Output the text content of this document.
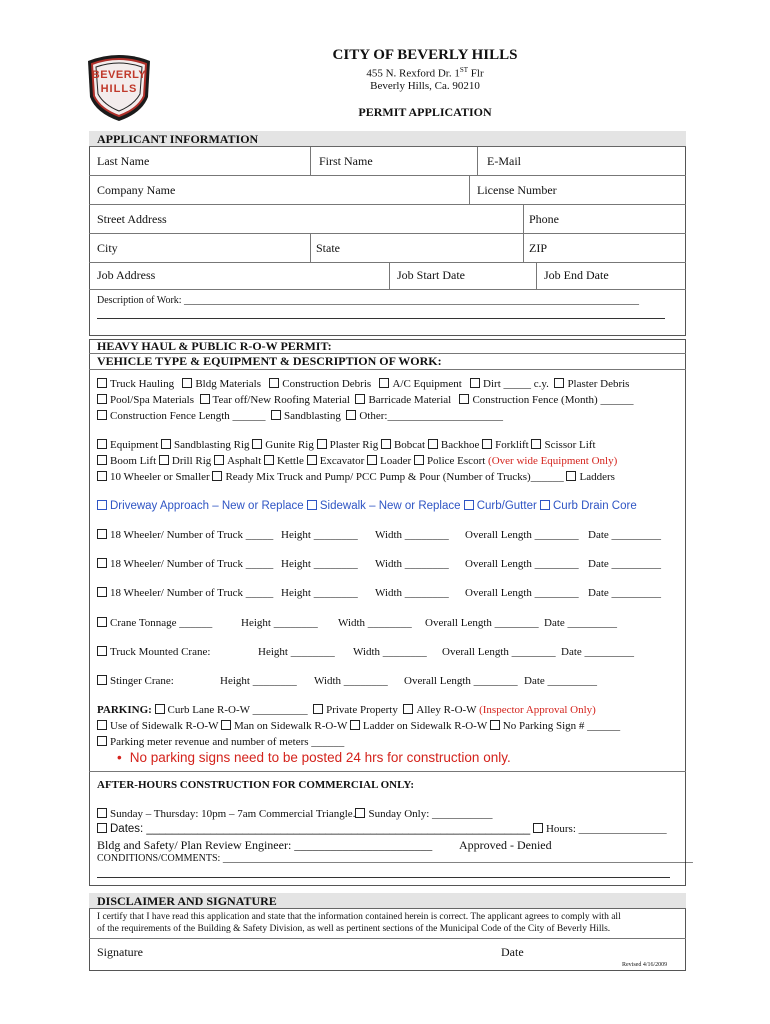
BEVERLY
HILLS
CITY OF BEVERLY HILLS
455 N. Rexford Dr. 1ST Flr
Beverly Hills, Ca. 90210
PERMIT APPLICATION
APPLICANT INFORMATION
Last Name	First Name	E-Mail
Company Name	License Number
Street Address	Phone
City	State	ZIP
Job Address	Job Start Date	Job End Date
Description of Work: ___________________________________________________________________________________________
HEAVY HAUL & PUBLIC R-O-W PERMIT:
VEHICLE TYPE & EQUIPMENT & DESCRIPTION OF WORK:
Truck Hauling Bldg Materials Construction Debris A/C Equipment Dirt _____ c.y. Plaster Debris
Pool/Spa Materials Tear off/New Roofing Material Barricade Material Construction Fence (Month) ______
Construction Fence Length ______ Sandblasting Other:_____________________
Equipment Sandblasting Rig Gunite Rig Plaster Rig Bobcat Backhoe Forklift Scissor Lift
Boom Lift Drill Rig Asphalt Kettle Excavator Loader Police Escort (Over wide Equipment Only)
10 Wheeler or Smaller Ready Mix Truck and Pump/ PCC Pump & Pour (Number of Trucks)______ Ladders
Driveway Approach – New or Replace Sidewalk – New or Replace Curb/Gutter Curb Drain Core
18 Wheeler/ Number of Truck _____ Height ________ Width ________ Overall Length ________ Date _________
18 Wheeler/ Number of Truck _____ Height ________ Width ________ Overall Length ________ Date _________
18 Wheeler/ Number of Truck _____ Height ________ Width ________ Overall Length ________ Date _________
Crane Tonnage ______	Height ________ Width ________ Overall Length ________ Date _________
Truck Mounted Crane:	Height ________ Width ________ Overall Length ________ Date _________
Stinger Crane:	Height ________ Width ________ Overall Length ________ Date _________
PARKING: Curb Lane R-O-W __________ Private Property Alley R-O-W (Inspector Approval Only)
Use of Sidewalk R-O-W Man on Sidewalk R-O-W Ladder on Sidewalk R-O-W No Parking Sign # ______
Parking meter revenue and number of meters ______
• No parking signs need to be posted 24 hrs for construction only.
AFTER-HOURS CONSTRUCTION FOR COMMERCIAL ONLY:
Sunday – Thursday: 10pm – 7am Commercial Triangle. Sunday Only: ___________
Dates: ____________________________________________________________ Hours: ________________
Bldg and Safety/ Plan Review Engineer: _______________________ Approved - Denied
CONDITIONS/COMMENTS: ______________________________________________________________________________________________
DISCLAIMER AND SIGNATURE
I certify that I have read this application and state that the information contained herein is correct. The applicant agrees to comply with all
of the requirements of the Building & Safety Division, as well as pertinent sections of the Municipal Code of the City of Beverly Hills.
Signature	Date
Revised 4/16/2009
